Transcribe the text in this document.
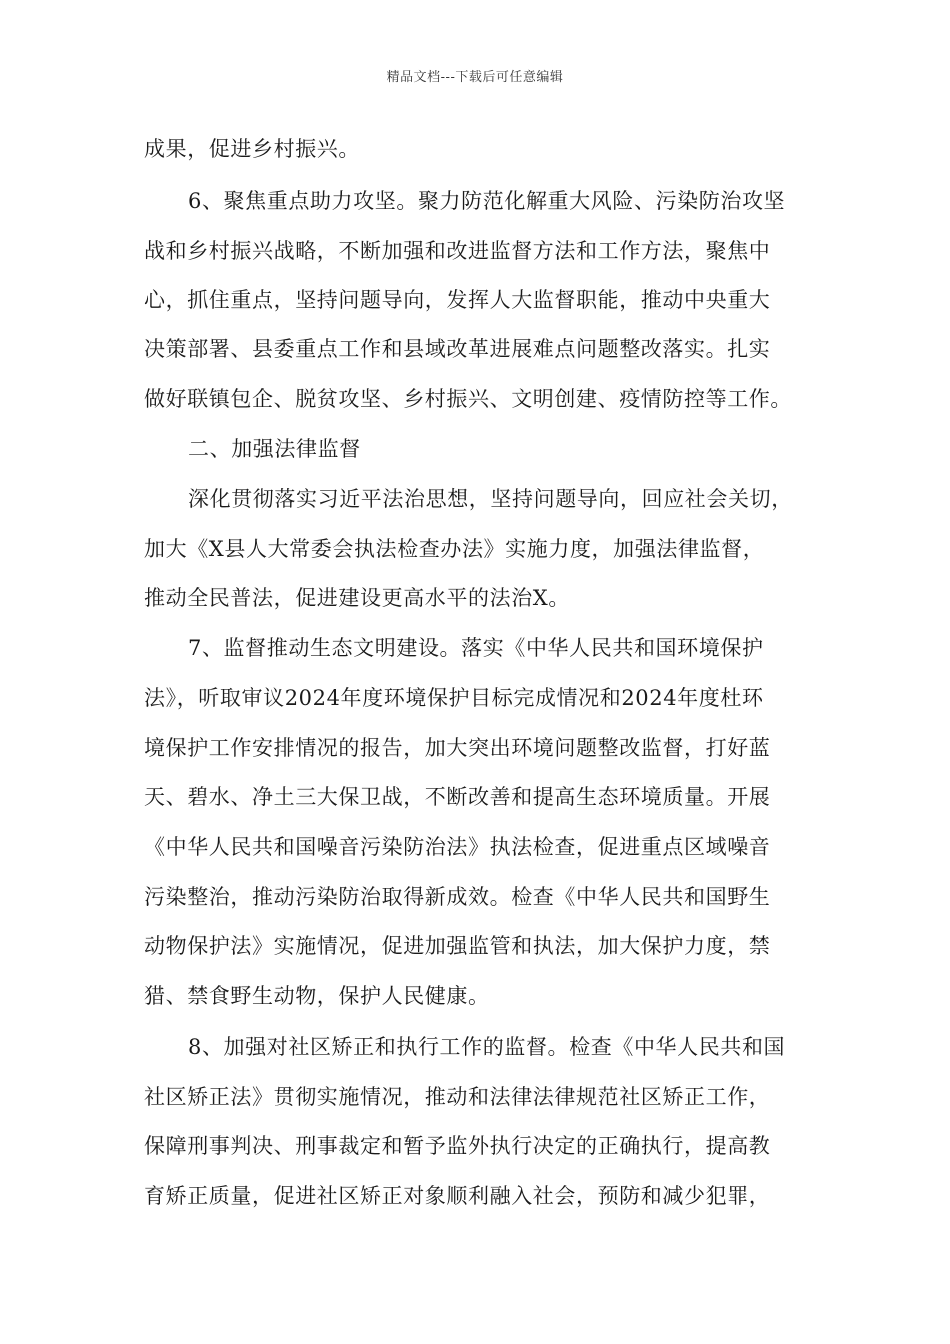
精品文档---下载后可任意编辑
成果，促进乡村振兴。
6、聚焦重点助力攻坚。聚力防范化解重大风险、污染防治攻坚
战和乡村振兴战略，不断加强和改进监督方法和工作方法，聚焦中
心，抓住重点，坚持问题导向，发挥人大监督职能，推动中央重大
决策部署、县委重点工作和县域改革进展难点问题整改落实。扎实
做好联镇包企、脱贫攻坚、乡村振兴、文明创建、疫情防控等工作。
二、加强法律监督
深化贯彻落实习近平法治思想，坚持问题导向，回应社会关切，
加大《X县人大常委会执法检查办法》实施力度，加强法律监督，
推动全民普法，促进建设更高水平的法治X。
7、监督推动生态文明建设。落实《中华人民共和国环境保护
法》，听取审议2024年度环境保护目标完成情况和2024年度杜环
境保护工作安排情况的报告，加大突出环境问题整改监督，打好蓝
天、碧水、净土三大保卫战，不断改善和提高生态环境质量。开展
《中华人民共和国噪音污染防治法》执法检查，促进重点区域噪音
污染整治，推动污染防治取得新成效。检查《中华人民共和国野生
动物保护法》实施情况，促进加强监管和执法，加大保护力度，禁
猎、禁食野生动物，保护人民健康。
8、加强对社区矫正和执行工作的监督。检查《中华人民共和国
社区矫正法》贯彻实施情况，推动和法律法律规范社区矫正工作，
保障刑事判决、刑事裁定和暂予监外执行决定的正确执行，提高教
育矫正质量，促进社区矫正对象顺利融入社会，预防和减少犯罪，
